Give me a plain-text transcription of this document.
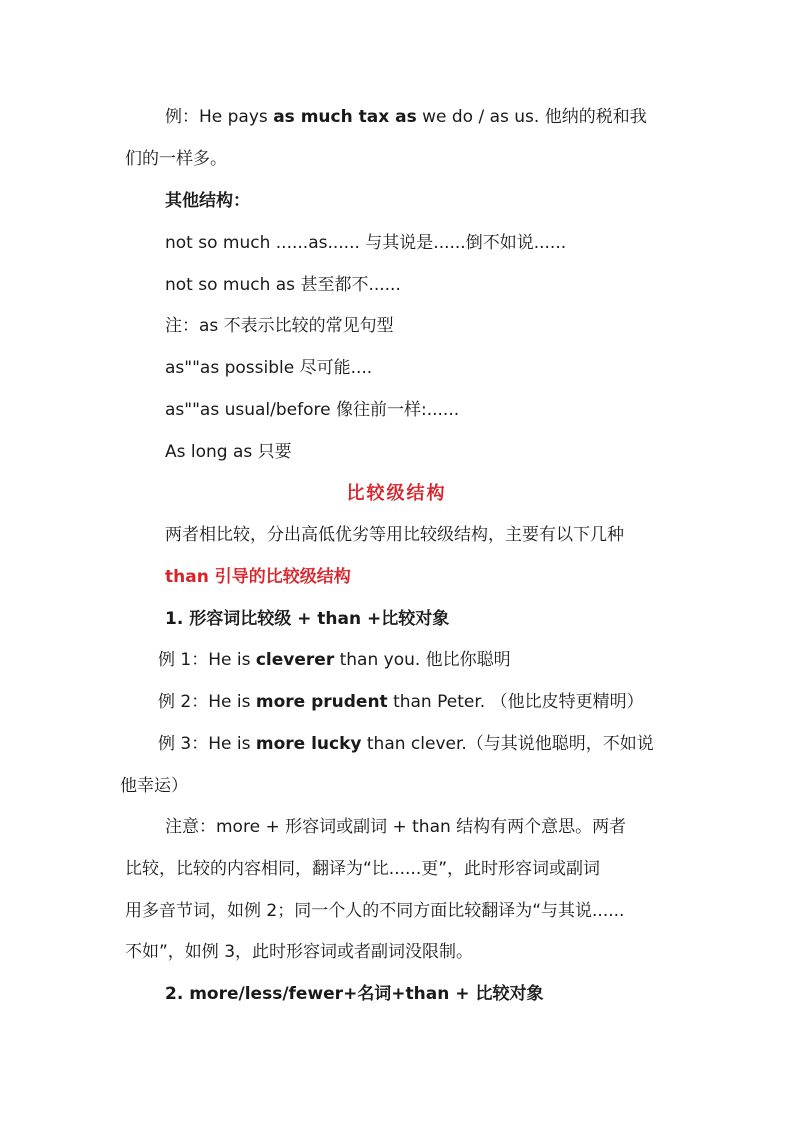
例：He pays as much tax as we do / as us. 他纳的税和我
们的一样多。
其他结构：
not so much ......as...... 与其说是......倒不如说......
not so much as 甚至都不......
注：as 不表示比较的常见句型
as""as possible 尽可能....
as""as usual/before 像往前一样:......
As long as 只要
比较级结构
两者相比较，分出高低优劣等用比较级结构，主要有以下几种
than 引导的比较级结构
1. 形容词比较级 + than +比较对象
例 1：He is cleverer than you. 他比你聪明
例 2：He is more prudent than Peter. （他比皮特更精明）
例 3：He is more lucky than clever.（与其说他聪明，不如说
他幸运）
注意：more + 形容词或副词 + than 结构有两个意思。两者
比较，比较的内容相同，翻译为“比......更”，此时形容词或副词
用多音节词，如例 2；同一个人的不同方面比较翻译为“与其说......
不如”，如例 3，此时形容词或者副词没限制。
2. more/less/fewer+名词+than + 比较对象
